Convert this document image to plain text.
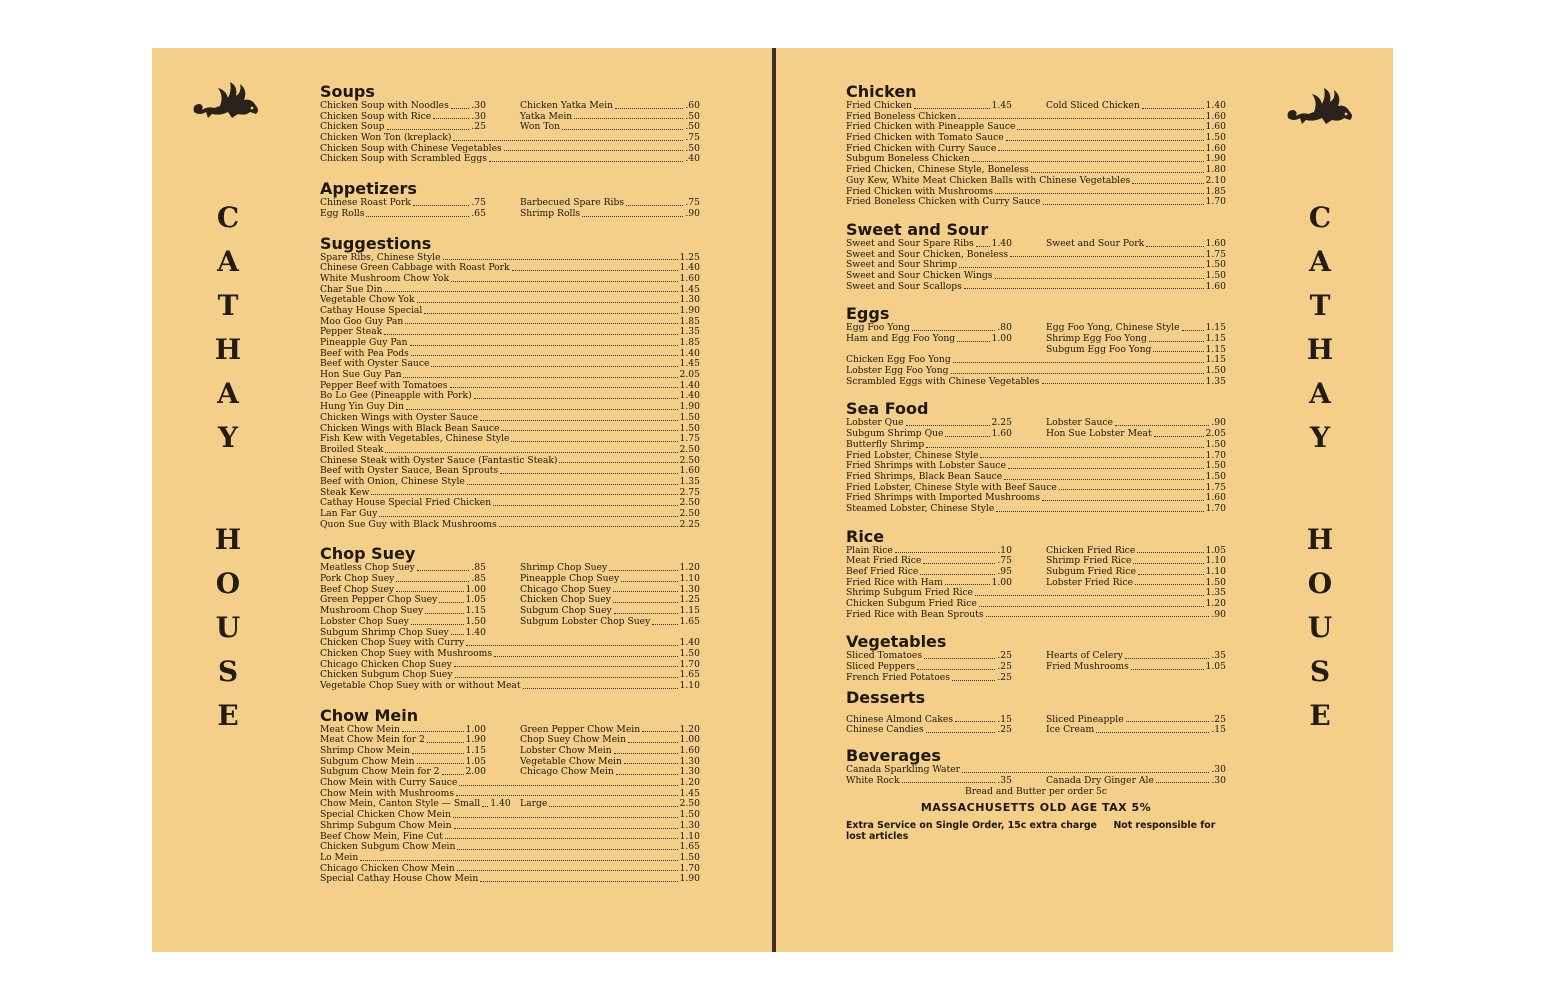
C
A
T
H
A
Y
H
O
U
S
E
C
A
T
H
A
Y
H
O
U
S
E
Soups
Chicken Soup with Noodles .30	Chicken Yatka Mein	.60
Chicken Soup with Rice	.30	Yatka Mein	.50
Chicken Soup	.25	Won Ton	.50
Chicken Won Ton (kreplack)	.75
Chicken Soup with Chinese Vegetables	.50
Chicken Soup with Scrambled Eggs	.40
Appetizers
Chinese Roast Pork	.75	Barbecued Spare Ribs	.75
Egg Rolls	.65	Shrimp Rolls	.90
Suggestions
Spare Ribs, Chinese Style	1.25
Chinese Green Cabbage with Roast Pork	1.40
White Mushroom Chow Yok	1.60
Char Sue Din	1.45
Vegetable Chow Yok	1.30
Cathay House Special	1.90
Moo Goo Guy Pan	1.85
Pepper Steak	1.35
Pineapple Guy Pan	1.85
Beef with Pea Pods	1.40
Beef with Oyster Sauce	1.45
Hon Sue Guy Pan	2.05
Pepper Beef with Tomatoes	1.40
Bo Lo Gee (Pineapple with Pork)	1.40
Hung Yin Guy Din	1.90
Chicken Wings with Oyster Sauce	1.50
Chicken Wings with Black Bean Sauce	1.50
Fish Kew with Vegetables, Chinese Style	1.75
Broiled Steak	2.50
Chinese Steak with Oyster Sauce (Fantastic Steak)	2.50
Beef with Oyster Sauce, Bean Sprouts	1.60
Beef with Onion, Chinese Style	1.35
Steak Kew	2.75
Cathay House Special Fried Chicken	2.50
Lan Far Guy	2.50
Quon Sue Guy with Black Mushrooms	2.25
Chop Suey
Meatless Chop Suey	.85	Shrimp Chop Suey	1.20
Pork Chop Suey	.85	Pineapple Chop Suey	1.10
Beef Chop Suey	1.00	Chicago Chop Suey	1.30
Green Pepper Chop Suey	1.05	Chicken Chop Suey	1.25
Mushroom Chop Suey	1.15	Subgum Chop Suey	1.15
Lobster Chop Suey	1.50	Subgum Lobster Chop Suey	1.65
Subgum Shrimp Chop Suey 1.40
Chicken Chop Suey with Curry	1.40
Chicken Chop Suey with Mushrooms	1.50
Chicago Chicken Chop Suey	1.70
Chicken Subgum Chop Suey	1.65
Vegetable Chop Suey with or without Meat	1.10
Chow Mein
Meat Chow Mein	1.00	Green Pepper Chow Mein	1.20
Meat Chow Mein for 2	1.90	Chop Suey Chow Mein	1.00
Shrimp Chow Mein	1.15	Lobster Chow Mein	1.60
Subgum Chow Mein	1.05	Vegetable Chow Mein	1.30
Subgum Chow Mein for 2	2.00	Chicago Chow Mein	1.30
Chow Mein with Curry Sauce	1.20
Chow Mein with Mushrooms	1.45
Chow Mein, Canton Style — Small 1.40 Large	2.50
Special Chicken Chow Mein	1.50
Shrimp Subgum Chow Mein	1.30
Beef Chow Mein, Fine Cut	1.10
Chicken Subgum Chow Mein	1.65
Lo Mein	1.50
Chicago Chicken Chow Mein	1.70
Special Cathay House Chow Mein	1.90
Chicken
Fried Chicken	1.45	Cold Sliced Chicken	1.40
Fried Boneless Chicken	1.60
Fried Chicken with Pineapple Sauce	1.60
Fried Chicken with Tomato Sauce	1.50
Fried Chicken with Curry Sauce	1.60
Subgum Boneless Chicken	1.90
Fried Chicken, Chinese Style, Boneless	1.80
Guy Kew, White Meat Chicken Balls with Chinese Vegetables	2.10
Fried Chicken with Mushrooms	1.85
Fried Boneless Chicken with Curry Sauce	1.70
Sweet and Sour
Sweet and Sour Spare Ribs 1.40	Sweet and Sour Pork	1.60
Sweet and Sour Chicken, Boneless	1.75
Sweet and Sour Shrimp	1.50
Sweet and Sour Chicken Wings	1.50
Sweet and Sour Scallops	1.60
Eggs
Egg Foo Yong	.80	Egg Foo Yong, Chinese Style	1.15
Ham and Egg Foo Yong	1.00	Shrimp Egg Foo Yong	1.15
Subgum Egg Foo Yong	1.15
Chicken Egg Foo Yong	1.15
Lobster Egg Foo Yong	1.50
Scrambled Eggs with Chinese Vegetables	1.35
Sea Food
Lobster Que	2.25	Lobster Sauce	.90
Subgum Shrimp Que	1.60	Hon Sue Lobster Meat	2.05
Butterfly Shrimp	1.50
Fried Lobster, Chinese Style	1.70
Fried Shrimps with Lobster Sauce	1.50
Fried Shrimps, Black Bean Sauce	1.50
Fried Lobster, Chinese Style with Beef Sauce	1.75
Fried Shrimps with Imported Mushrooms	1.60
Steamed Lobster, Chinese Style	1.70
Rice
Plain Rice	.10	Chicken Fried Rice	1.05
Meat Fried Rice	.75	Shrimp Fried Rice	1.10
Beef Fried Rice	.95	Subgum Fried Rice	1.10
Fried Rice with Ham	1.00	Lobster Fried Rice	1.50
Shrimp Subgum Fried Rice	1.35
Chicken Subgum Fried Rice	1.20
Fried Rice with Bean Sprouts	.90
Vegetables
Sliced Tomatoes	.25	Hearts of Celery	.35
Sliced Peppers	.25	Fried Mushrooms	1.05
French Fried Potatoes	.25
Desserts
Chinese Almond Cakes	.15	Sliced Pineapple	.25
Chinese Candies	.25	Ice Cream	.15
Beverages
Canada Sparkling Water	.30
White Rock	.35	Canada Dry Ginger Ale	.30
Bread and Butter per order 5c
MASSACHUSETTS OLD AGE TAX 5%
Extra Service on Single Order, 15c extra charge Not responsible for lost articles
